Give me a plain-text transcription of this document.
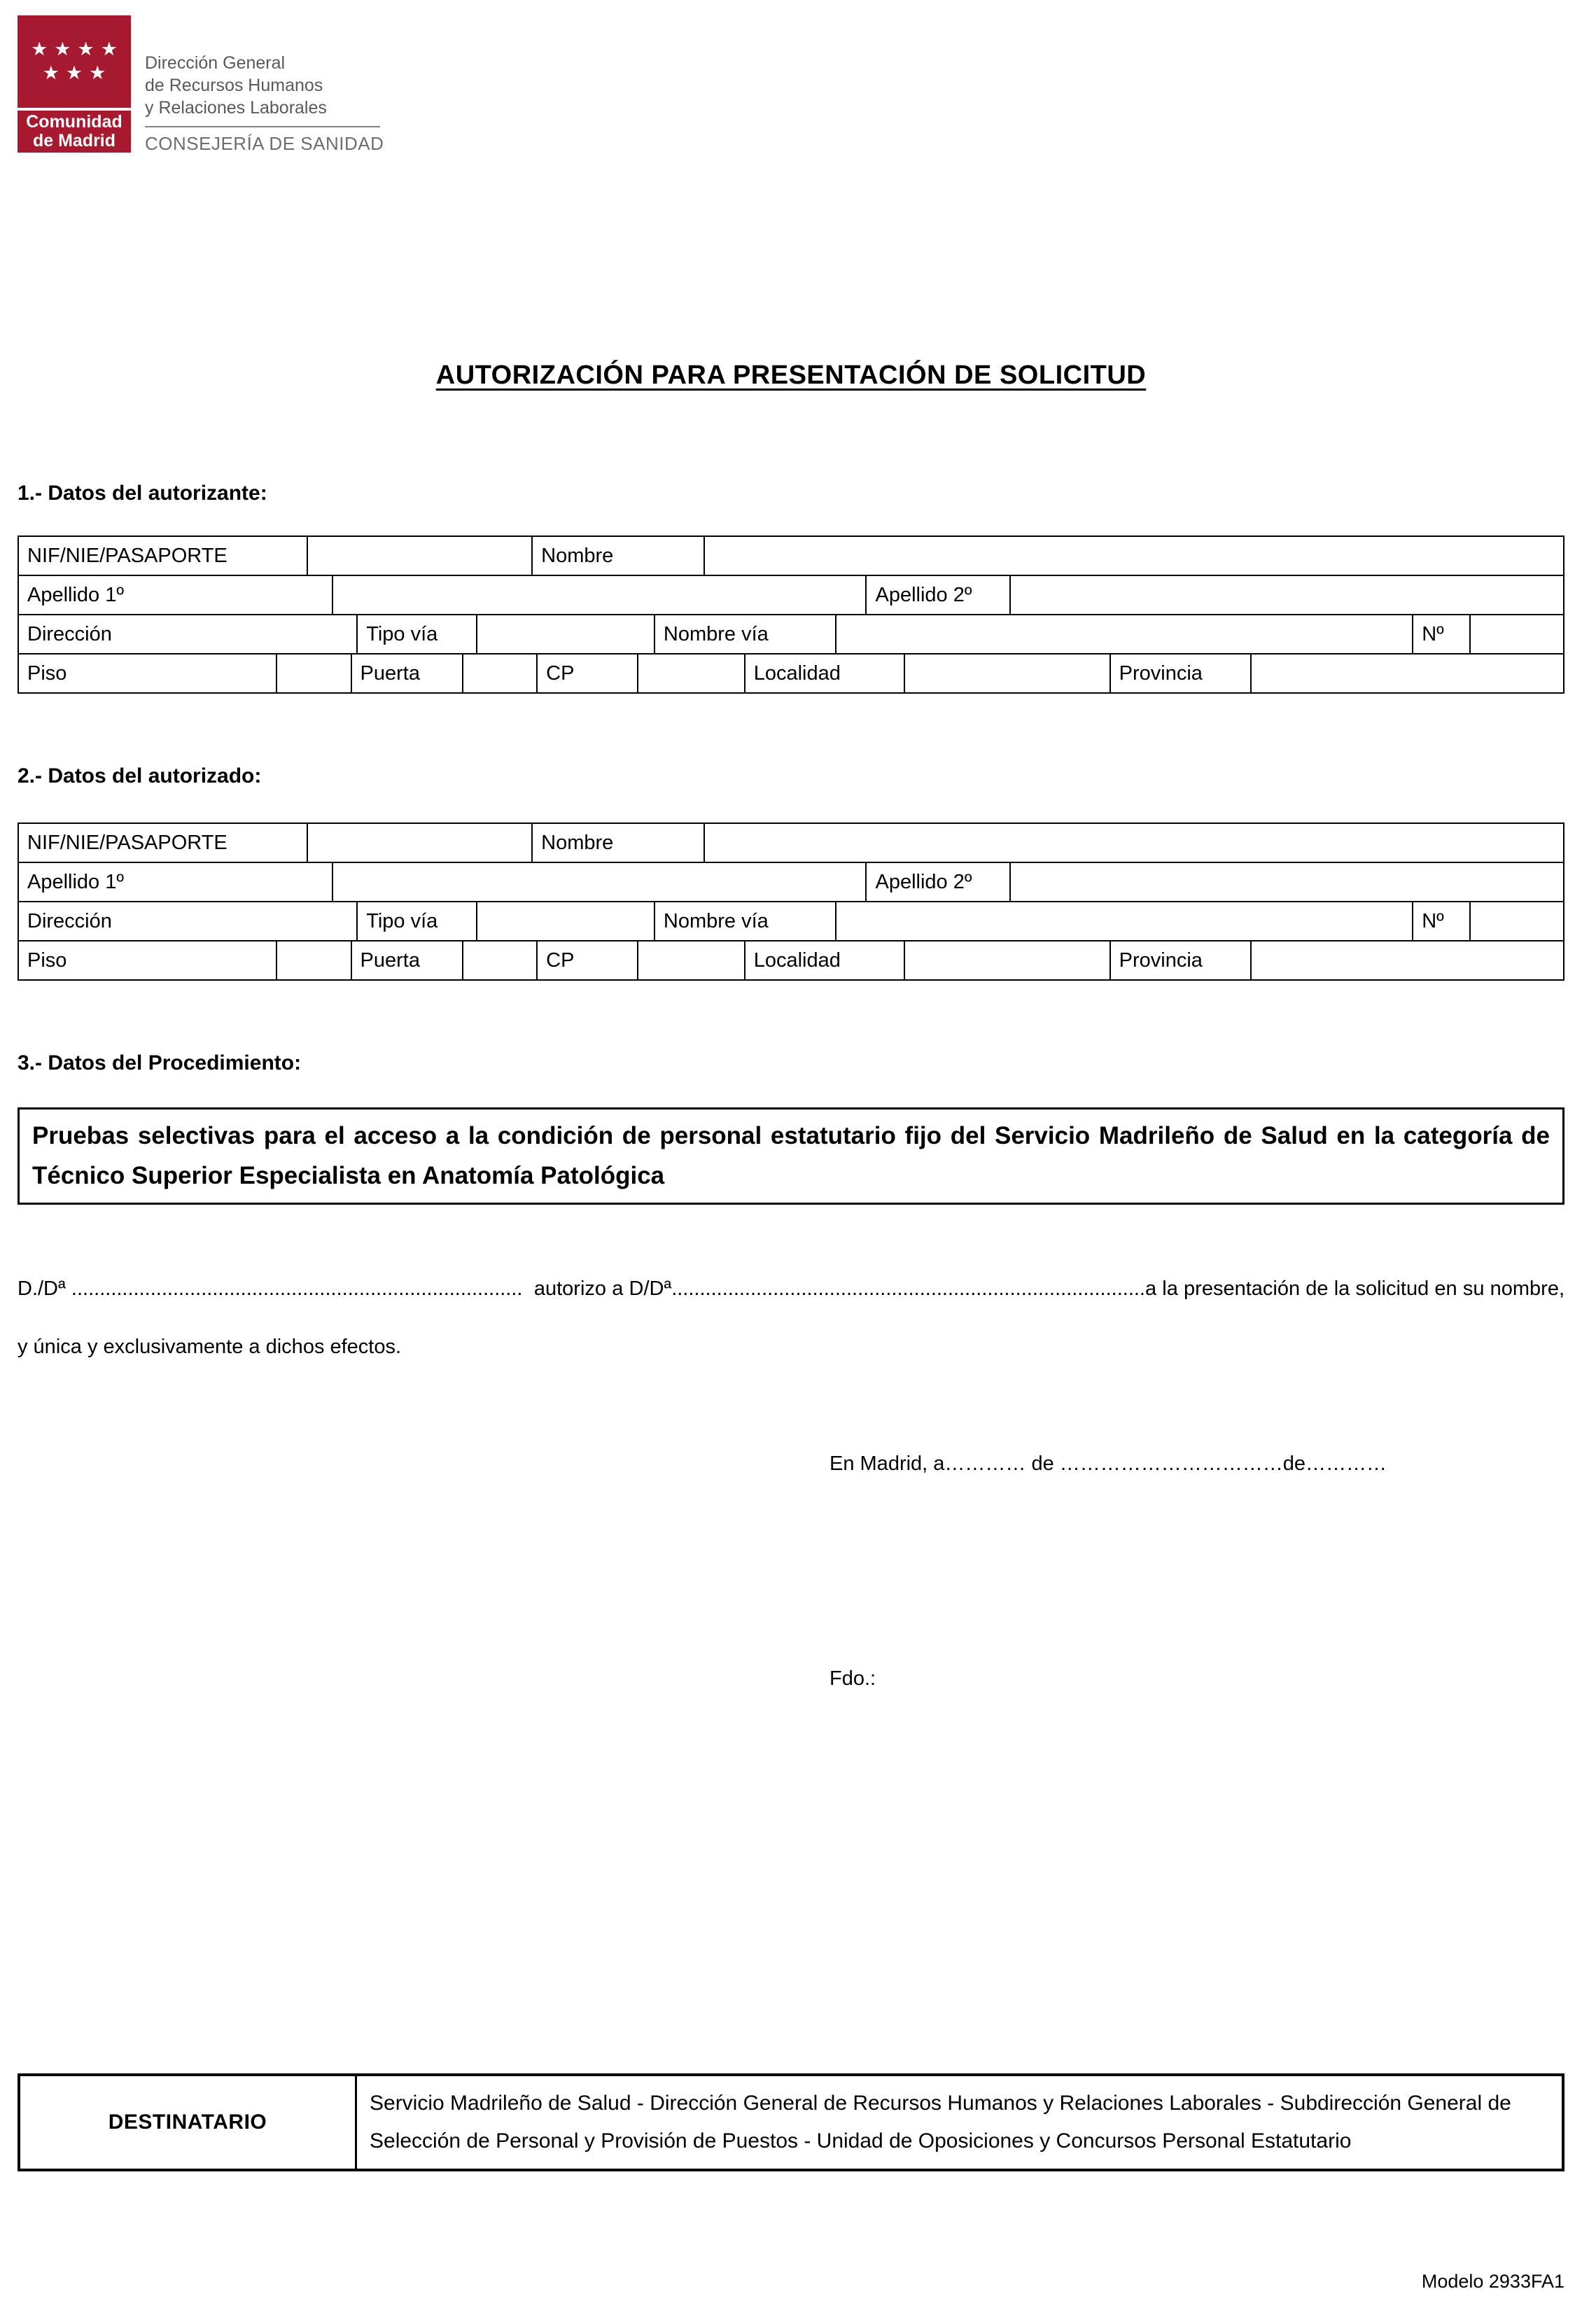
★★★★
★★★
Comunidad
de Madrid
Dirección General
de Recursos Humanos
y Relaciones Laborales
CONSEJERÍA DE SANIDAD
AUTORIZACIÓN PARA PRESENTACIÓN DE SOLICITUD
1.- Datos del autorizante:
NIF/NIE/PASAPORTE	Nombre
Apellido 1º	Apellido 2º
Dirección	Tipo vía	Nombre vía	Nº
Piso	Puerta	CP	Localidad	Provincia
2.- Datos del autorizado:
NIF/NIE/PASAPORTE	Nombre
Apellido 1º	Apellido 2º
Dirección	Tipo vía	Nombre vía	Nº
Piso	Puerta	CP	Localidad	Provincia
3.- Datos del Procedimiento:
Pruebas selectivas para el acceso a la condición de personal estatutario fijo del Servicio Madrileño de Salud en la categoría de Técnico Superior Especialista en Anatomía Patológica

D./Dª ................................................................................ autorizo a D/Dª....................................................................................a la presentación de la solicitud en su nombre, y única y exclusivamente a dichos efectos.

En Madrid, a………… de ……………………………de…………
Fdo.:
DESTINATARIO
Servicio Madrileño de Salud - Dirección General de Recursos Humanos y Relaciones Laborales - Subdirección General de Selección de Personal y Provisión de Puestos - Unidad de Oposiciones y Concursos Personal Estatutario
Modelo 2933FA1
